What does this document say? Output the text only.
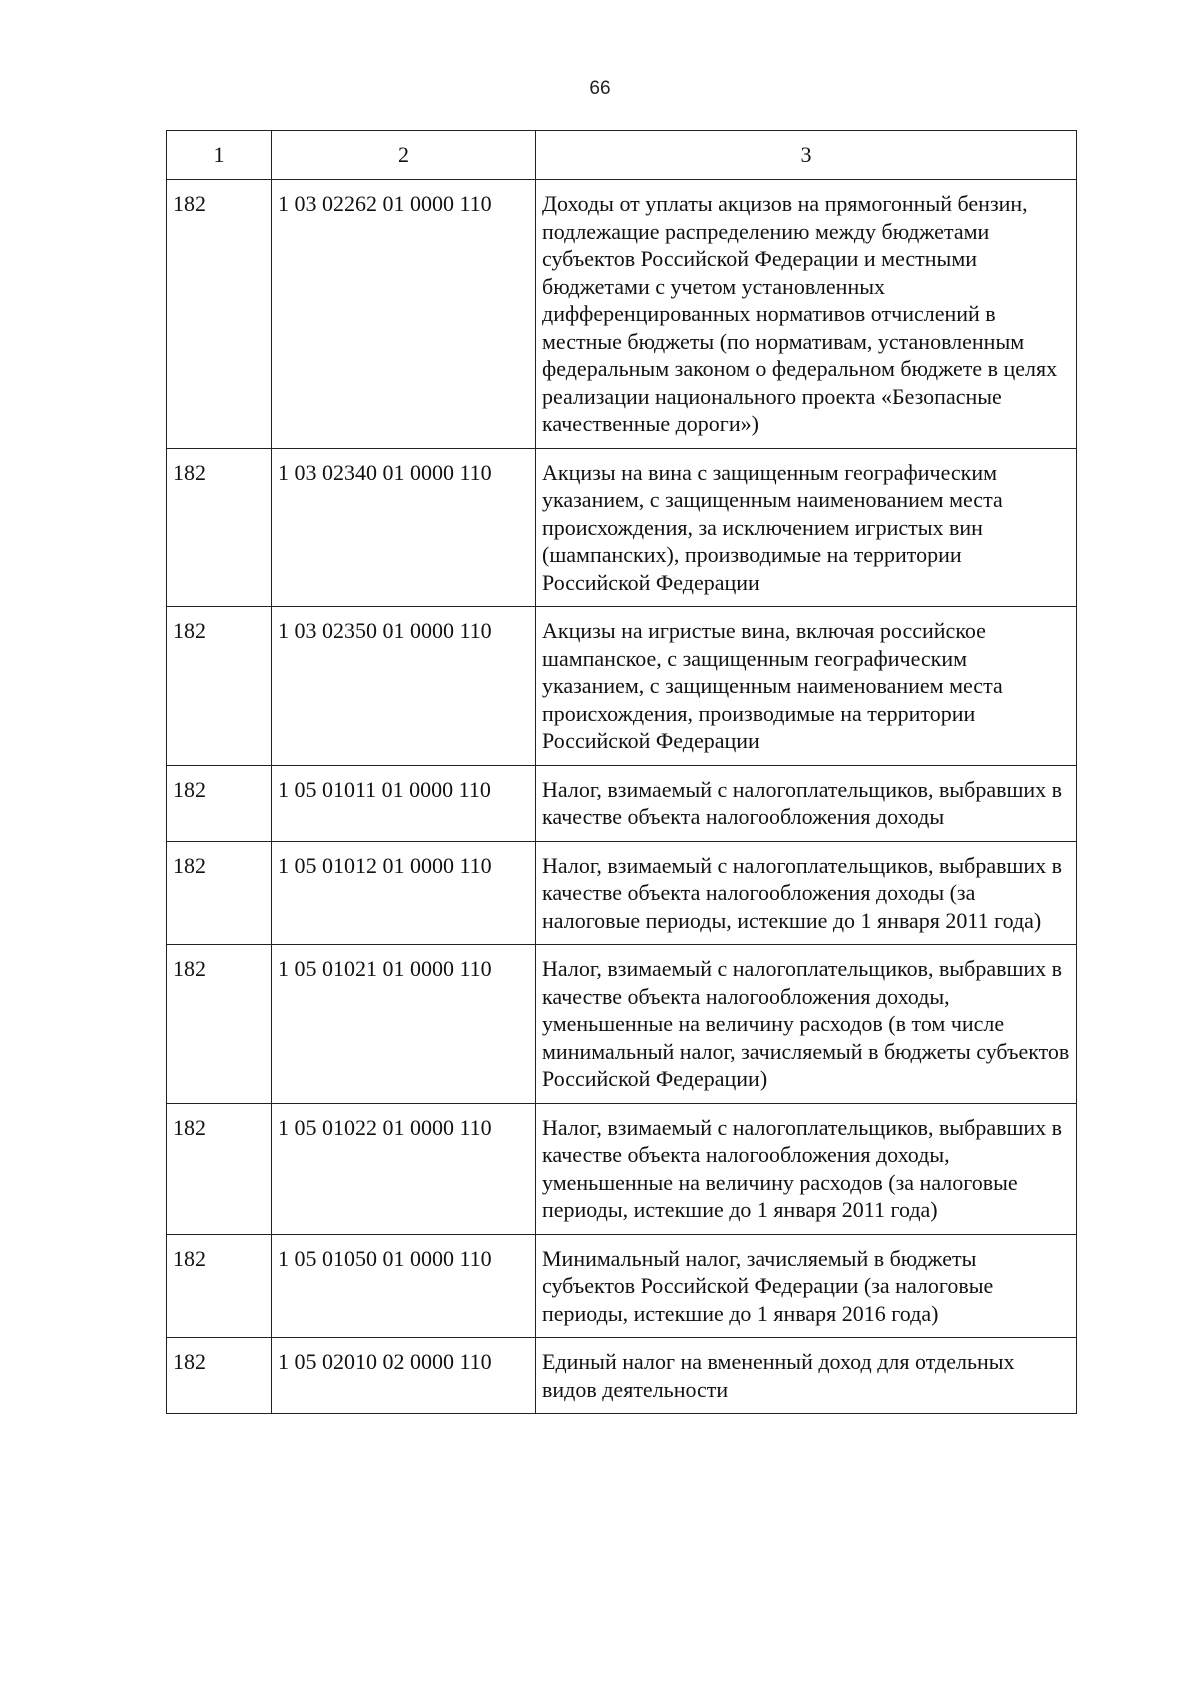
66
1	2	3
182	1 03 02262 01 0000 110	Доходы от уплаты акцизов на прямогонный бензин, подлежащие распределению между бюджетами субъектов Российской Федерации и местными бюджетами с учетом установленных дифференцированных нормативов отчислений в местные бюджеты (по нормативам, установленным федеральным законом о федеральном бюджете в целях реализации национального проекта «Безопасные качественные дороги»)
182	1 03 02340 01 0000 110	Акцизы на вина с защищенным географическим указанием, с защищенным наименованием места происхождения, за исключением игристых вин (шампанских), производимые на территории Российской Федерации
182	1 03 02350 01 0000 110	Акцизы на игристые вина, включая российское шампанское, с защищенным географическим указанием, с защищенным наименованием места происхождения, производимые на территории Российской Федерации
182	1 05 01011 01 0000 110	Налог, взимаемый с налогоплательщиков, выбравших в качестве объекта налогообложения доходы
182	1 05 01012 01 0000 110	Налог, взимаемый с налогоплательщиков, выбравших в качестве объекта налогообложения доходы (за налоговые периоды, истекшие до 1 января 2011 года)
182	1 05 01021 01 0000 110	Налог, взимаемый с налогоплательщиков, выбравших в качестве объекта налогообложения доходы, уменьшенные на величину расходов (в том числе минимальный налог, зачисляемый в бюджеты субъектов Российской Федерации)
182	1 05 01022 01 0000 110	Налог, взимаемый с налогоплательщиков, выбравших в качестве объекта налогообложения доходы, уменьшенные на величину расходов (за налоговые периоды, истекшие до 1 января 2011 года)
182	1 05 01050 01 0000 110	Минимальный налог, зачисляемый в бюджеты субъектов Российской Федерации (за налоговые периоды, истекшие до 1 января 2016 года)
182	1 05 02010 02 0000 110	Единый налог на вмененный доход для отдельных видов деятельности
